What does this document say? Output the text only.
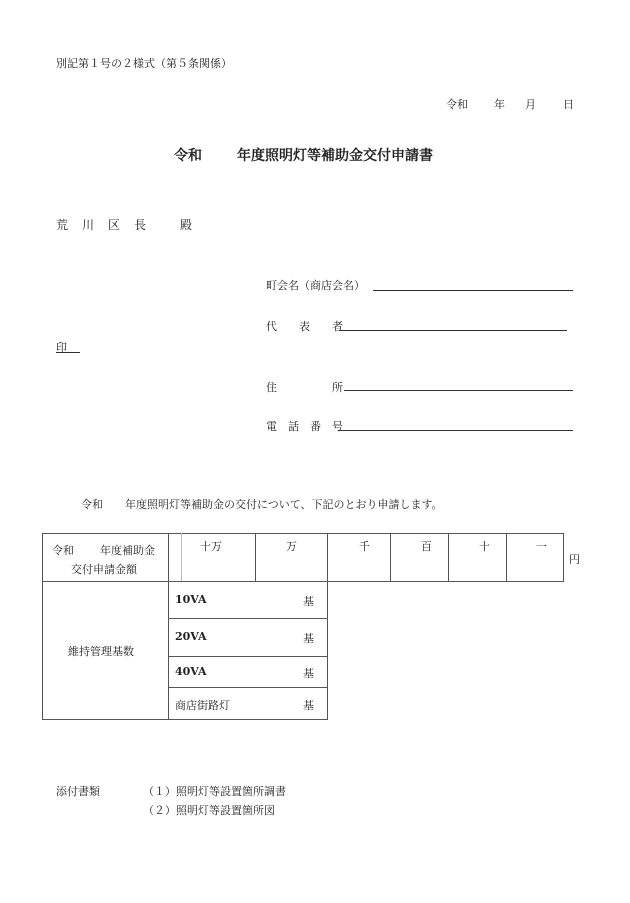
別記第１号の２様式（第５条関係）
令和 年 月 日
令和	年度照明灯等補助金交付申請書
荒　川　区　長	殿
町会名（商店会名）
代　　表　　者
印
住　　　　　所
電　話　番　号
令和 年度照明灯等補助金の交付について、下記のとおり申請します。
令和 年度補助金
交付申請金額
十万	万	千	百	十	一
円
維持管理基数
10VA	基
20VA	基
40VA	基
商店街路灯	基
添付書類	（１）照明灯等設置箇所調書
（２）照明灯等設置箇所図
